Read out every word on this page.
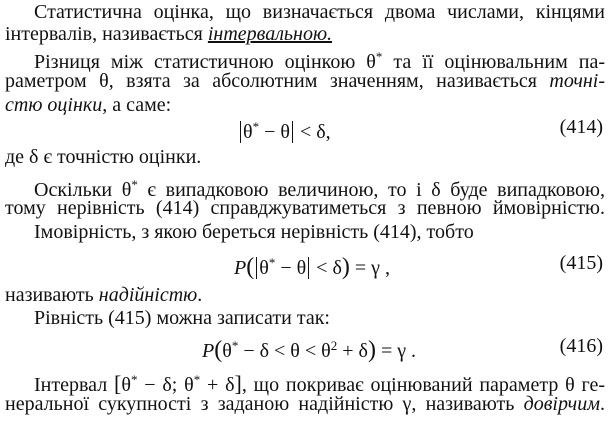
Статистична оцінка, що визначається двома числами, кінцями
інтервалів, називається інтервальною.
Різниця між статистичною оцінкою θ* та її оцінювальним па-
раметром θ, взята за абсолютним значенням, називається точні-
стю оцінки, а саме:
θ* − θ < δ,	(414)
де δ є точністю оцінки.
Оскільки θ* є випадковою величиною, то і δ буде випадковою,
тому нерівність (414) справджуватиметься з певною ймовірністю.
Імовірність, з якою береться нерівність (414), тобто
P( θ* − θ < δ) = γ ,	(415)
називають надійністю.
Рівність (415) можна записати так:
$P(\theta^* - \delta < \theta < \theta^2 + \delta) = \gamma$ .	(416)
Інтервал [θ* − δ; θ* + δ], що покриває оцінюваний параметр θ ге-
неральної сукупності з заданою надійністю γ, називають довірчим.
